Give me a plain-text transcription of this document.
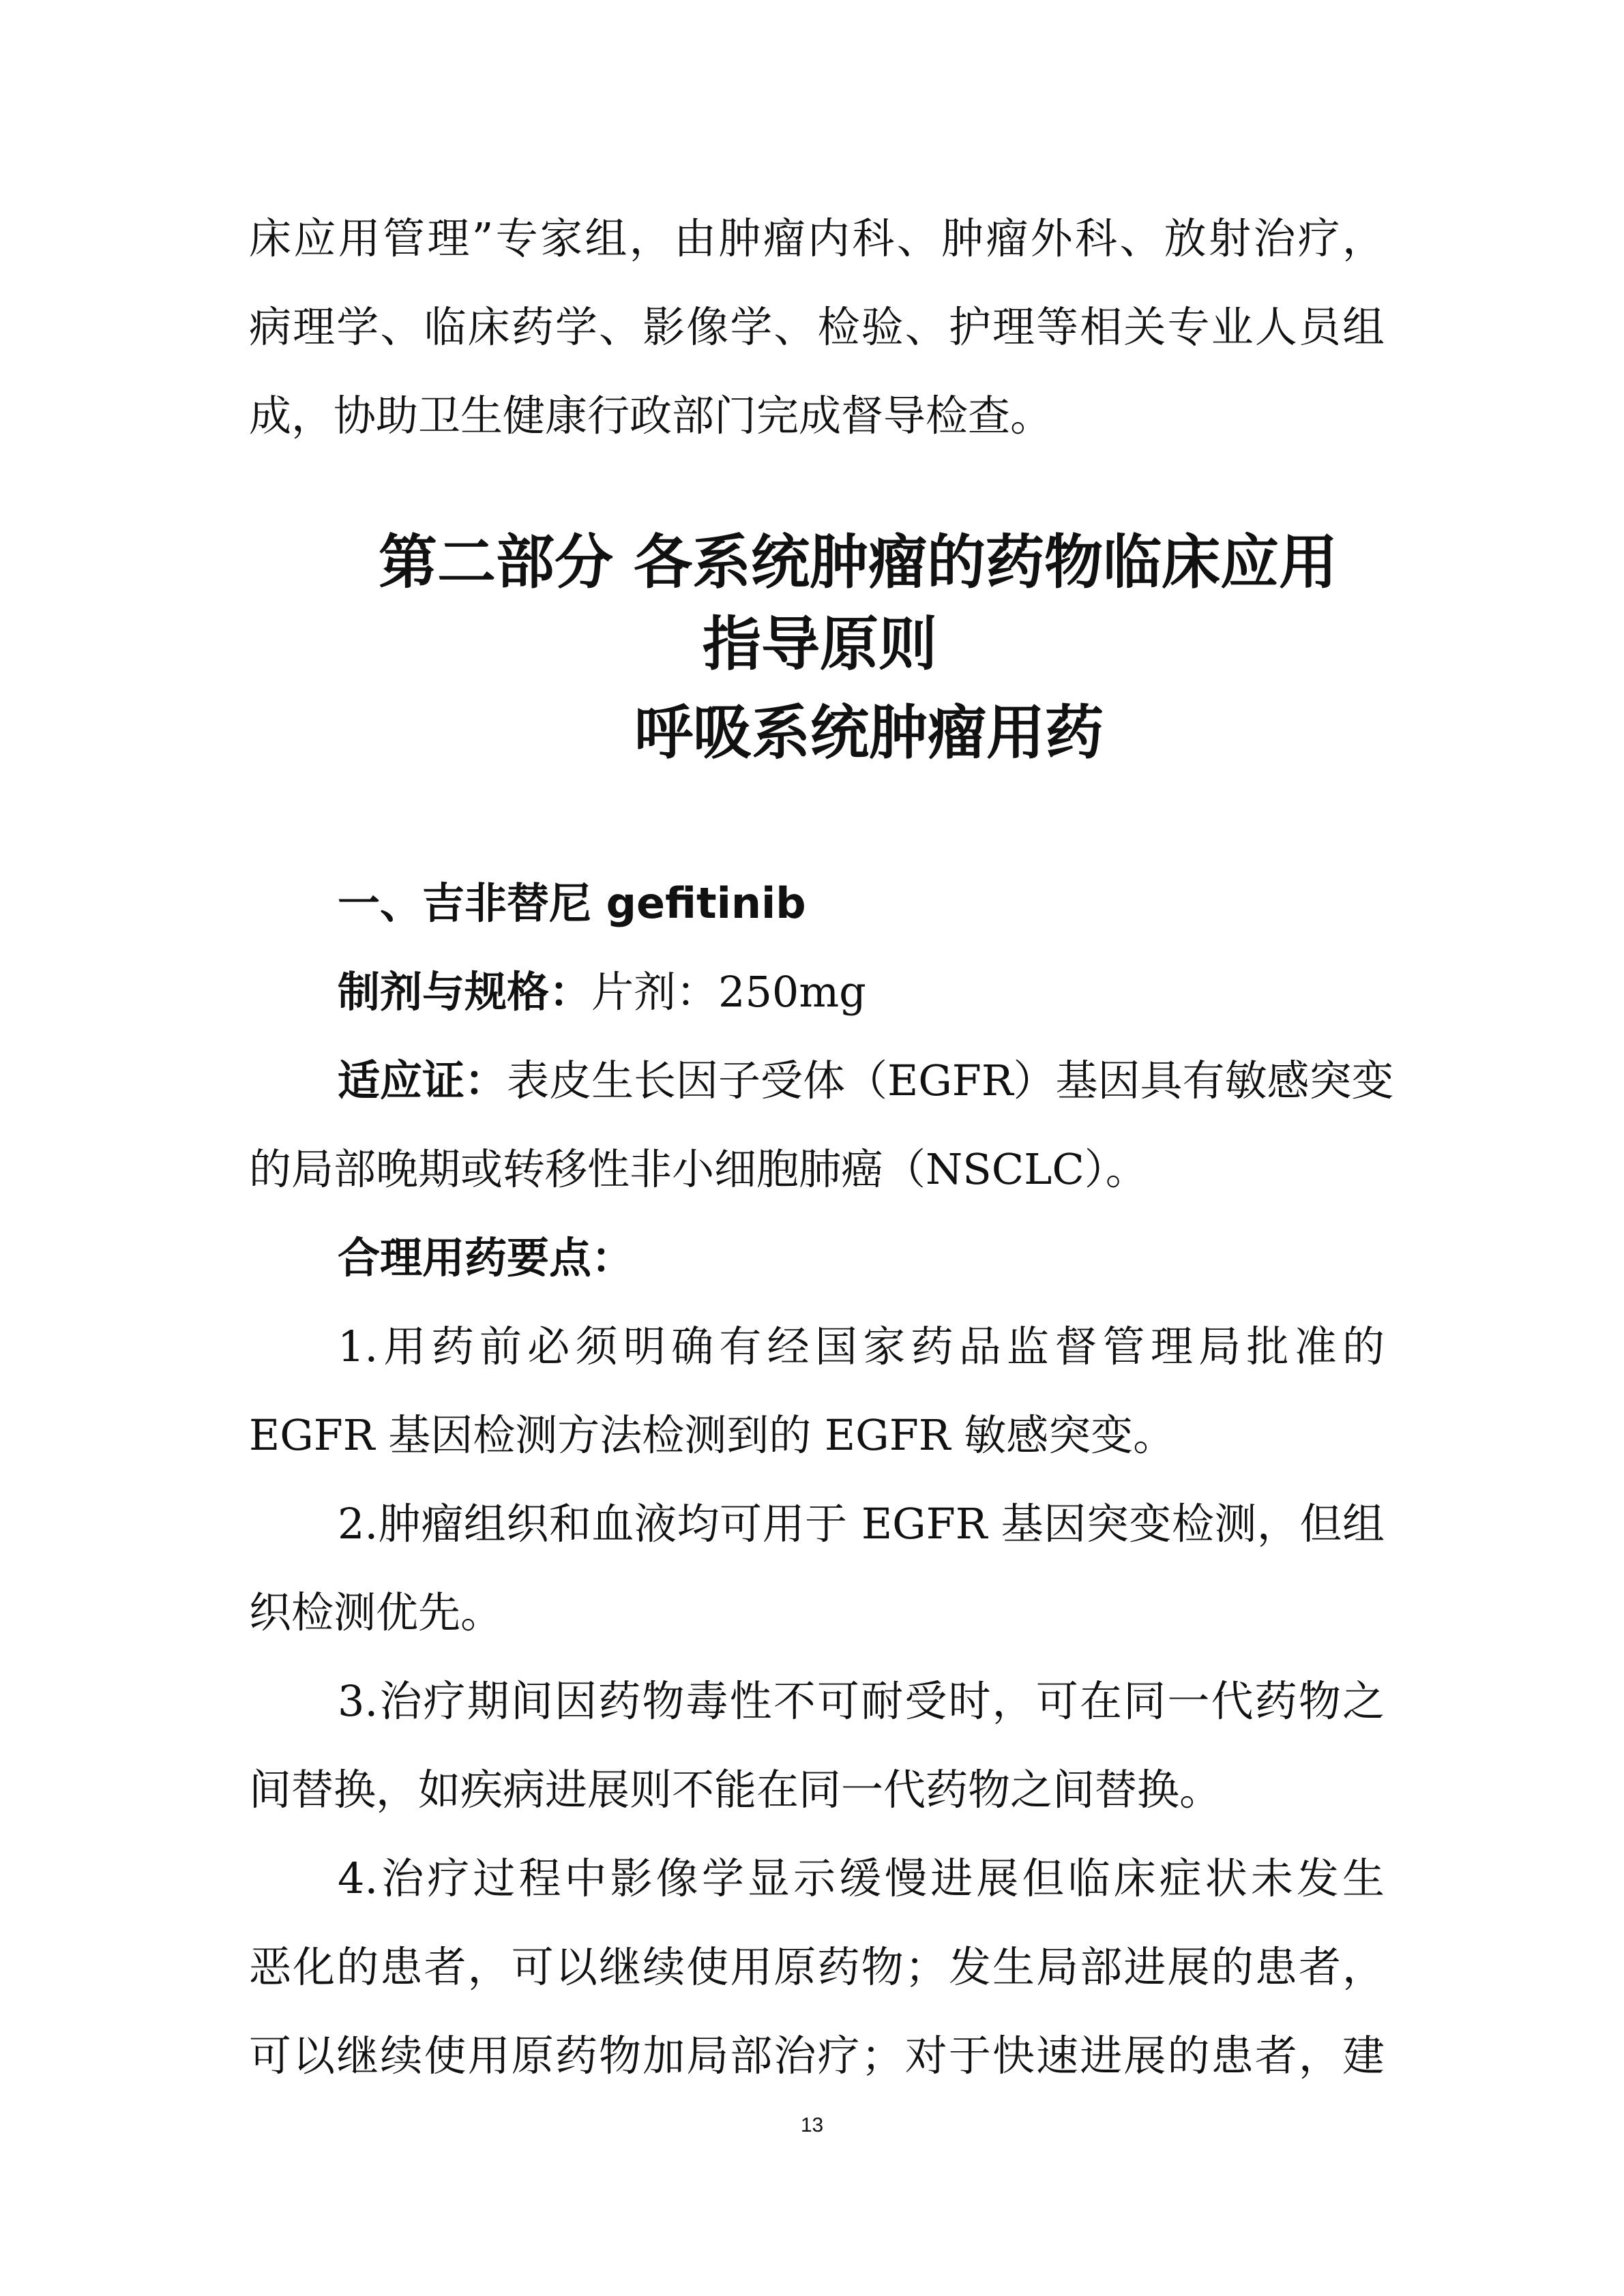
床应用管理”专家组，由肿瘤内科、肿瘤外科、放射治疗，
病理学、临床药学、影像学、检验、护理等相关专业人员组
成，协助卫生健康行政部门完成督导检查。
第二部分 各系统肿瘤的药物临床应用
指导原则
呼吸系统肿瘤用药
一、吉非替尼 gefitinib
制剂与规格：片剂：250mg
适应证：表皮生长因子受体（EGFR）基因具有敏感突变
的局部晚期或转移性非小细胞肺癌（NSCLC）。
合理用药要点：
1.用药前必须明确有经国家药品监督管理局批准的
EGFR 基因检测方法检测到的 EGFR 敏感突变。
2.肿瘤组织和血液均可用于 EGFR 基因突变检测，但组
织检测优先。
3.治疗期间因药物毒性不可耐受时，可在同一代药物之
间替换，如疾病进展则不能在同一代药物之间替换。
4.治疗过程中影像学显示缓慢进展但临床症状未发生
恶化的患者，可以继续使用原药物；发生局部进展的患者，
可以继续使用原药物加局部治疗；对于快速进展的患者，建
13
